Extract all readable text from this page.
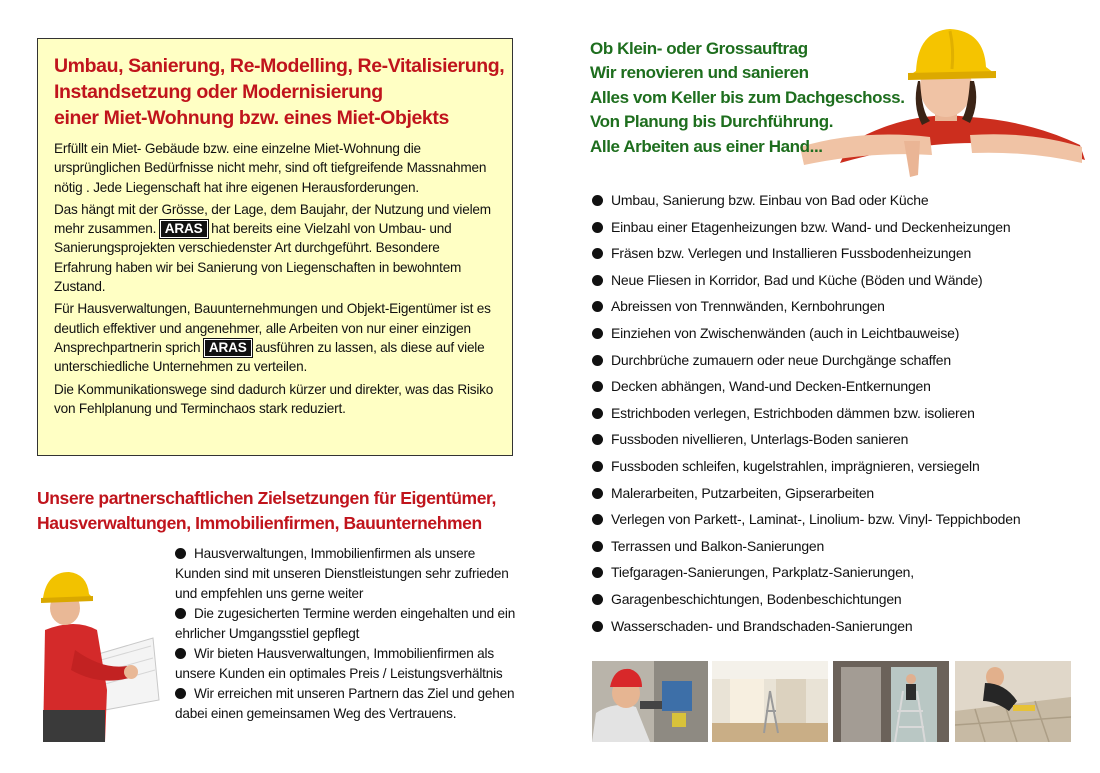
Umbau, Sanierung, Re-Modelling, Re-Vitalisierung,
Instandsetzung oder Modernisierung
einer Miet-Wohnung bzw. eines Miet-Objekts

Erfüllt ein Miet- Gebäude bzw. eine einzelne Miet-Wohnung die ursprünglichen Bedürfnisse nicht mehr, sind oft tiefgreifende Massnahmen nötig . Jede Liegenschaft hat ihre eigenen Herausforderungen.

Das hängt mit der Grösse, der Lage, dem Baujahr, der Nutzung und vielem mehr zusammen. ARAS hat bereits eine Vielzahl von Umbau- und Sanierungsprojekten verschiedenster Art durchgeführt. Besondere Erfahrung haben wir bei Sanierung von Liegenschaften in bewohntem Zustand.

Für Hausverwaltungen, Bauunternehmungen und Objekt-Eigentümer ist es deutlich effektiver und angenehmer, alle Arbeiten von nur einer einzigen Ansprechpartnerin sprich ARAS ausführen zu lassen, als diese auf viele unterschiedliche Unternehmen zu verteilen.

Die Kommunikationswege sind dadurch kürzer und direkter, was das Risiko von Fehlplanung und Terminchaos stark reduziert.

Unsere partnerschaftlichen Zielsetzungen für Eigentümer,
Hausverwaltungen, Immobilienfirmen, Bauunternehmen

Hausverwaltungen, Immobilienfirmen als unsere Kunden sind mit unseren Dienstleistungen sehr zufrieden und empfehlen uns gerne weiter

Die zugesicherten Termine werden eingehalten und ein ehrlicher Umgangsstiel gepflegt

Wir bieten Hausverwaltungen, Immobilienfirmen als unsere Kunden ein optimales Preis / Leistungsverhältnis

Wir erreichen mit unseren Partnern das Ziel und gehen dabei einen gemeinsamen Weg des Vertrauens.

Ob Klein- oder Grossauftrag
Wir renovieren und sanieren
Alles vom Keller bis zum Dachgeschoss.
Von Planung bis Durchführung.
Alle Arbeiten aus einer Hand...
Umbau, Sanierung bzw. Einbau von Bad oder Küche
Einbau einer Etagenheizungen bzw. Wand- und Deckenheizungen
Fräsen bzw. Verlegen und Installieren Fussbodenheizungen
Neue Fliesen in Korridor, Bad und Küche (Böden und Wände)
Abreissen von Trennwänden, Kernbohrungen
Einziehen von Zwischenwänden (auch in Leichtbauweise)
Durchbrüche zumauern oder neue Durchgänge schaffen
Decken abhängen, Wand-und Decken-Entkernungen
Estrichboden verlegen, Estrichboden dämmen bzw. isolieren
Fussboden nivellieren, Unterlags-Boden sanieren
Fussboden schleifen, kugelstrahlen, imprägnieren, versiegeln
Malerarbeiten, Putzarbeiten, Gipserarbeiten
Verlegen von Parkett-, Laminat-, Linolium- bzw. Vinyl- Teppichboden
Terrassen und Balkon-Sanierungen
Tiefgaragen-Sanierungen, Parkplatz-Sanierungen,
Garagenbeschichtungen, Bodenbeschichtungen
Wasserschaden- und Brandschaden-Sanierungen
